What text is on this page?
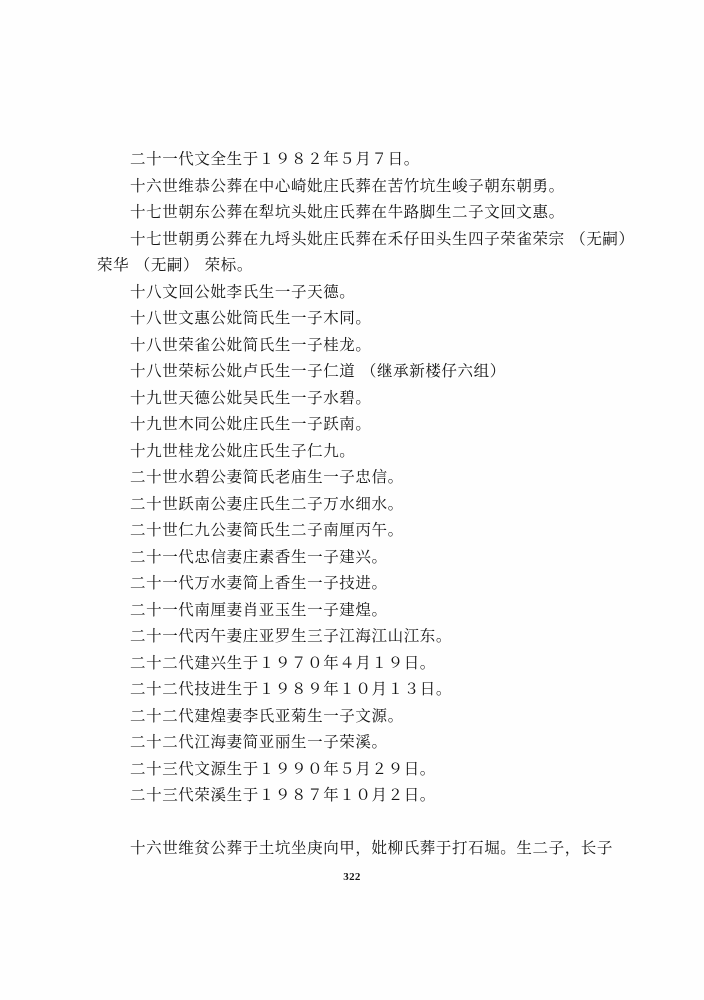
二十一代文全生于１９８２年５月７日。
十六世维恭公葬在中心崎妣庄氏葬在苦竹坑生峻子朝东朝勇。
十七世朝东公葬在犁坑头妣庄氏葬在牛路脚生二子文回文惠。
十七世朝勇公葬在九埒头妣庄氏葬在禾仔田头生四子荣雀荣宗 （无嗣）
荣华 （无嗣） 荣标。
十八文回公妣李氏生一子天德。
十八世文惠公妣筒氏生一子木同。
十八世荣雀公妣简氏生一子桂龙。
十八世荣标公妣卢氏生一子仁道 （继承新楼仔六组）
十九世天德公妣吴氏生一子水碧。
十九世木同公妣庄氏生一子跃南。
十九世桂龙公妣庄氏生子仁九。
二十世水碧公妻简氏老庙生一子忠信。
二十世跃南公妻庄氏生二子万水细水。
二十世仁九公妻简氏生二子南厘丙午。
二十一代忠信妻庄素香生一子建兴。
二十一代万水妻简上香生一子技进。
二十一代南厘妻肖亚玉生一子建煌。
二十一代丙午妻庄亚罗生三子江海江山江东。
二十二代建兴生于１９７０年４月１９日。
二十二代技进生于１９８９年１０月１３日。
二十二代建煌妻李氏亚菊生一子文源。
二十二代江海妻简亚丽生一子荣溪。
二十三代文源生于１９９０年５月２９日。
二十三代荣溪生于１９８７年１０月２日。
十六世维贫公葬于土坑坐庚向甲，妣柳氏葬于打石堀。生二子，长子
322
